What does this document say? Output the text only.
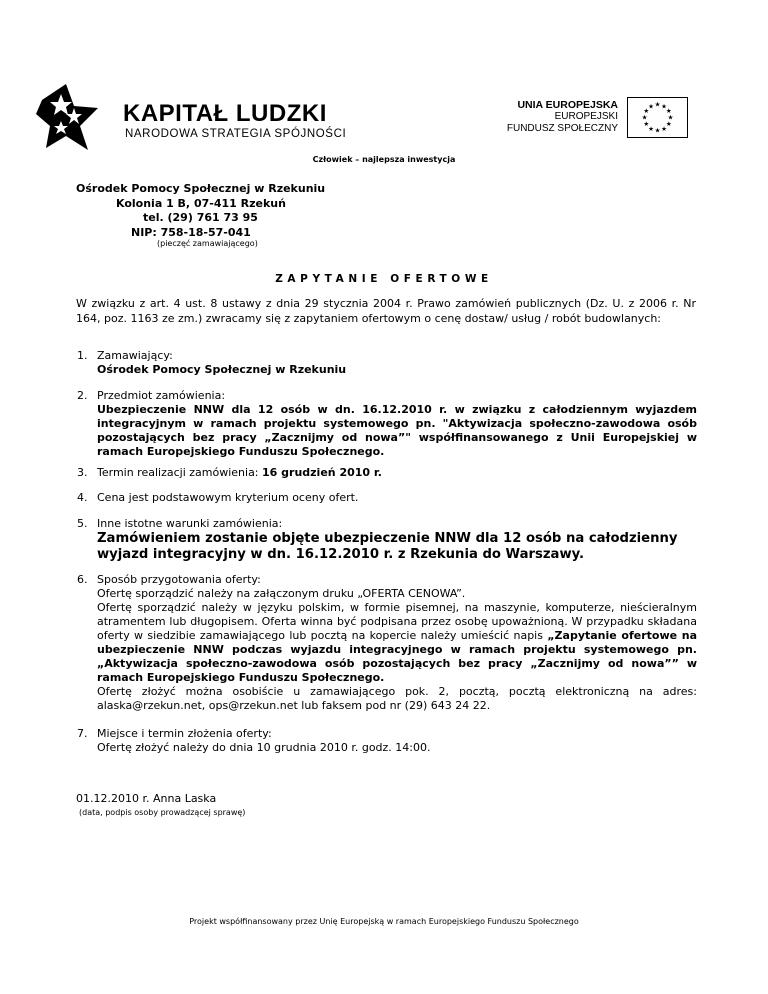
KAPITAŁ LUDZKI
NARODOWA STRATEGIA SPÓJNOŚCI
UNIA EUROPEJSKA
EUROPEJSKI
FUNDUSZ SPOŁECZNY
★ ★
★
★
★
★
★
★
★
★
★
★
Człowiek – najlepsza inwestycja
Ośrodek Pomocy Społecznej w Rzekuniu
Kolonia 1 B, 07-411 Rzekuń
tel. (29) 761 73 95
NIP: 758-18-57-041
(pieczęć zamawiającego)
ZAPYTANIE OFERTOWE
W związku z art. 4 ust. 8 ustawy z dnia 29 stycznia 2004 r. Prawo zamówień publicznych (Dz. U. z 2006 r. Nr 164, poz. 1163 ze zm.) zwracamy się z zapytaniem ofertowym o cenę dostaw/ usług / robót budowlanych:
1. Zamawiający:
Ośrodek Pomocy Społecznej w Rzekuniu
2. Przedmiot zamówienia:
Ubezpieczenie NNW dla 12 osób w dn. 16.12.2010 r. w związku z całodziennym wyjazdem integracyjnym w ramach projektu systemowego pn. "Aktywizacja społeczno-zawodowa osób pozostających bez pracy „Zacznijmy od nowa”" współfinansowanego z Unii Europejskiej w ramach Europejskiego Funduszu Społecznego.
3. Termin realizacji zamówienia: 16 grudzień 2010 r.
4. Cena jest podstawowym kryterium oceny ofert.
5. Inne istotne warunki zamówienia:
Zamówieniem zostanie objęte ubezpieczenie NNW dla 12 osób na całodzienny wyjazd integracyjny w dn. 16.12.2010 r. z Rzekunia do Warszawy.
6. Sposób przygotowania oferty:
Ofertę sporządzić należy na załączonym druku „OFERTA CENOWA”.
Ofertę sporządzić należy w języku polskim, w formie pisemnej, na maszynie, komputerze, nieścieralnym atramentem lub długopisem. Oferta winna być podpisana przez osobę upoważnioną. W przypadku składana oferty w siedzibie zamawiającego lub pocztą na kopercie należy umieścić napis „Zapytanie ofertowe na ubezpieczenie NNW podczas wyjazdu integracyjnego w ramach projektu systemowego pn. „Aktywizacja społeczno-zawodowa osób pozostających bez pracy „Zacznijmy od nowa”” w ramach Europejskiego Funduszu Społecznego.
Ofertę złożyć można osobiście u zamawiającego pok. 2, pocztą, pocztą elektroniczną na adres: alaska@rzekun.net, ops@rzekun.net lub faksem pod nr (29) 643 24 22.
7. Miejsce i termin złożenia oferty:
Ofertę złożyć należy do dnia 10 grudnia 2010 r. godz. 14:00.
01.12.2010 r. Anna Laska
(data, podpis osoby prowadzącej sprawę)
Projekt współfinansowany przez Unię Europejską w ramach Europejskiego Funduszu Społecznego
